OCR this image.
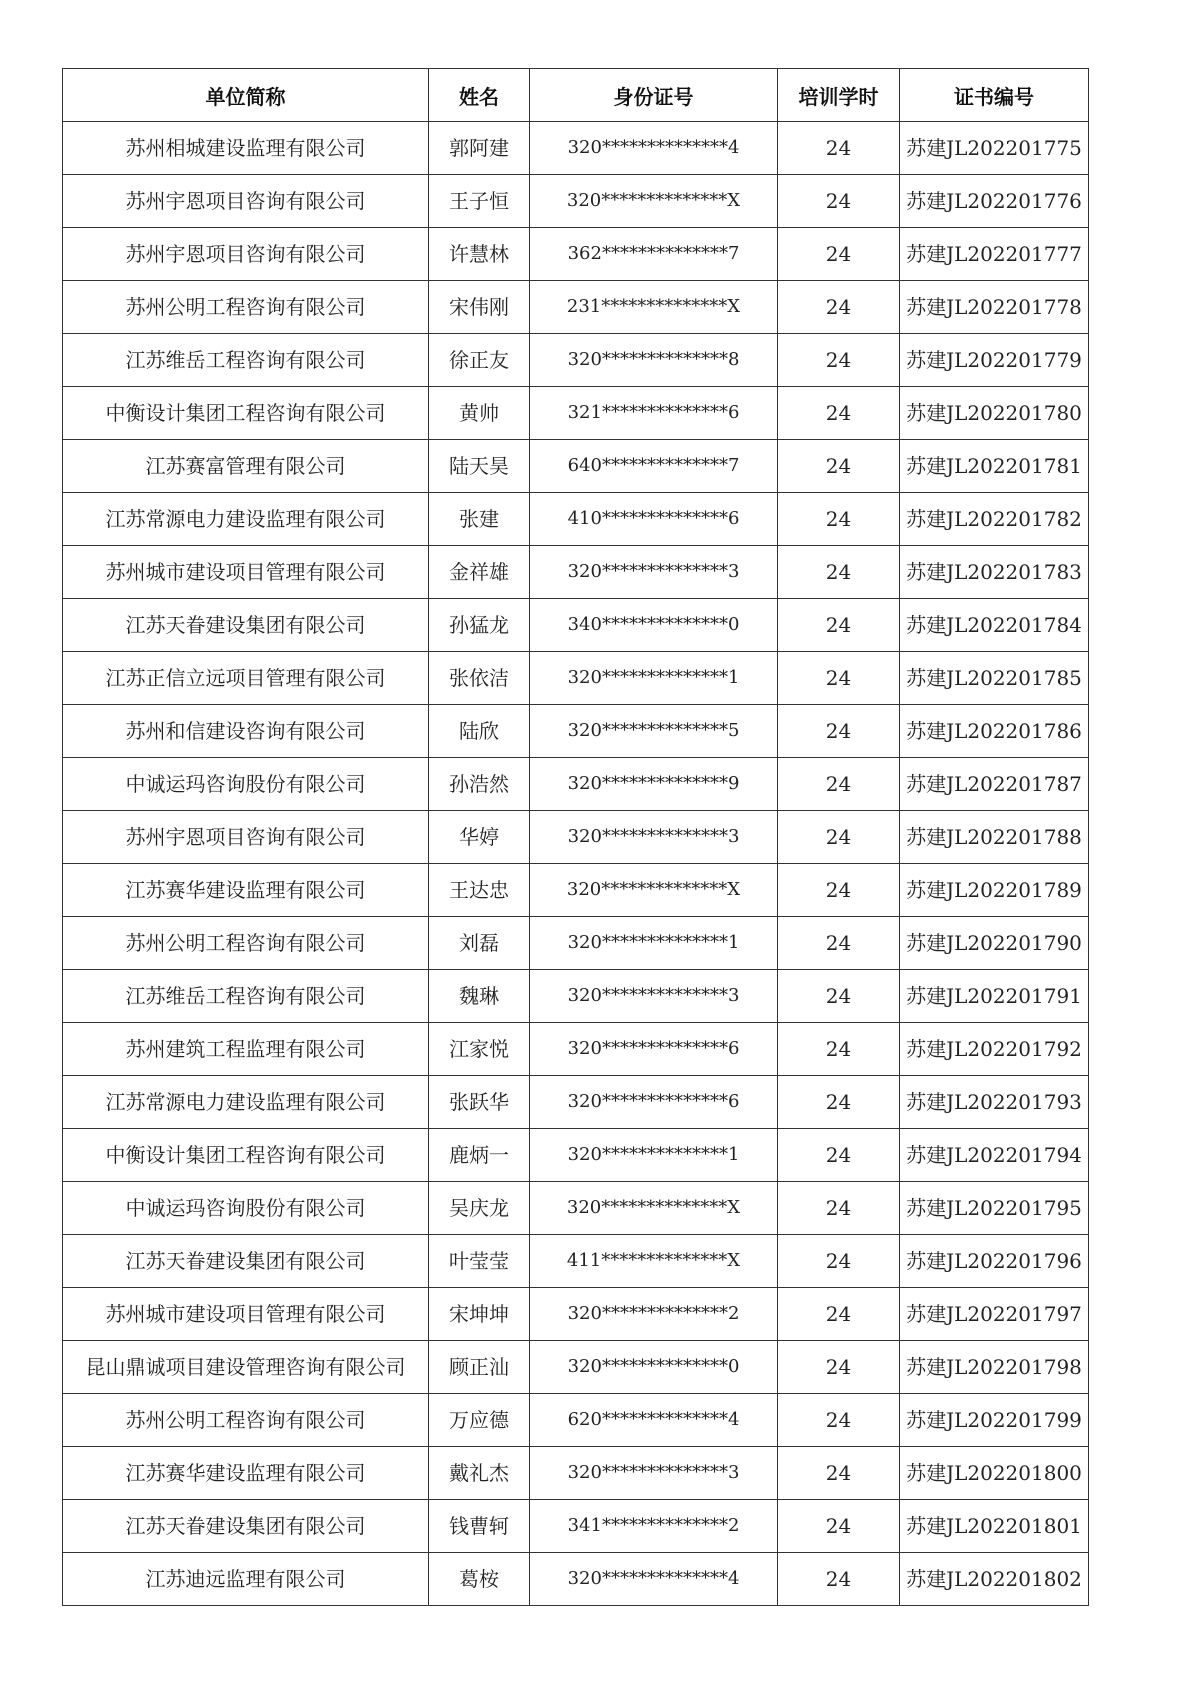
单位简称	姓名	身份证号	培训学时	证书编号
苏州相城建设监理有限公司	郭阿建	320**************4	24	苏建JL202201775
苏州宇恩项目咨询有限公司	王子恒	320**************X	24	苏建JL202201776
苏州宇恩项目咨询有限公司	许慧林	362**************7	24	苏建JL202201777
苏州公明工程咨询有限公司	宋伟刚	231**************X	24	苏建JL202201778
江苏维岳工程咨询有限公司	徐正友	320**************8	24	苏建JL202201779
中衡设计集团工程咨询有限公司	黄帅	321**************6	24	苏建JL202201780
江苏赛富管理有限公司	陆天昊	640**************7	24	苏建JL202201781
江苏常源电力建设监理有限公司	张建	410**************6	24	苏建JL202201782
苏州城市建设项目管理有限公司	金祥雄	320**************3	24	苏建JL202201783
江苏天眷建设集团有限公司	孙猛龙	340**************0	24	苏建JL202201784
江苏正信立远项目管理有限公司	张依洁	320**************1	24	苏建JL202201785
苏州和信建设咨询有限公司	陆欣	320**************5	24	苏建JL202201786
中诚运玛咨询股份有限公司	孙浩然	320**************9	24	苏建JL202201787
苏州宇恩项目咨询有限公司	华婷	320**************3	24	苏建JL202201788
江苏赛华建设监理有限公司	王达忠	320**************X	24	苏建JL202201789
苏州公明工程咨询有限公司	刘磊	320**************1	24	苏建JL202201790
江苏维岳工程咨询有限公司	魏琳	320**************3	24	苏建JL202201791
苏州建筑工程监理有限公司	江家悦	320**************6	24	苏建JL202201792
江苏常源电力建设监理有限公司	张跃华	320**************6	24	苏建JL202201793
中衡设计集团工程咨询有限公司	鹿炳一	320**************1	24	苏建JL202201794
中诚运玛咨询股份有限公司	吴庆龙	320**************X	24	苏建JL202201795
江苏天眷建设集团有限公司	叶莹莹	411**************X	24	苏建JL202201796
苏州城市建设项目管理有限公司	宋坤坤	320**************2	24	苏建JL202201797
昆山鼎诚项目建设管理咨询有限公司	顾正汕	320**************0	24	苏建JL202201798
苏州公明工程咨询有限公司	万应德	620**************4	24	苏建JL202201799
江苏赛华建设监理有限公司	戴礼杰	320**************3	24	苏建JL202201800
江苏天眷建设集团有限公司	钱曹轲	341**************2	24	苏建JL202201801
江苏迪远监理有限公司	葛桉	320**************4	24	苏建JL202201802
